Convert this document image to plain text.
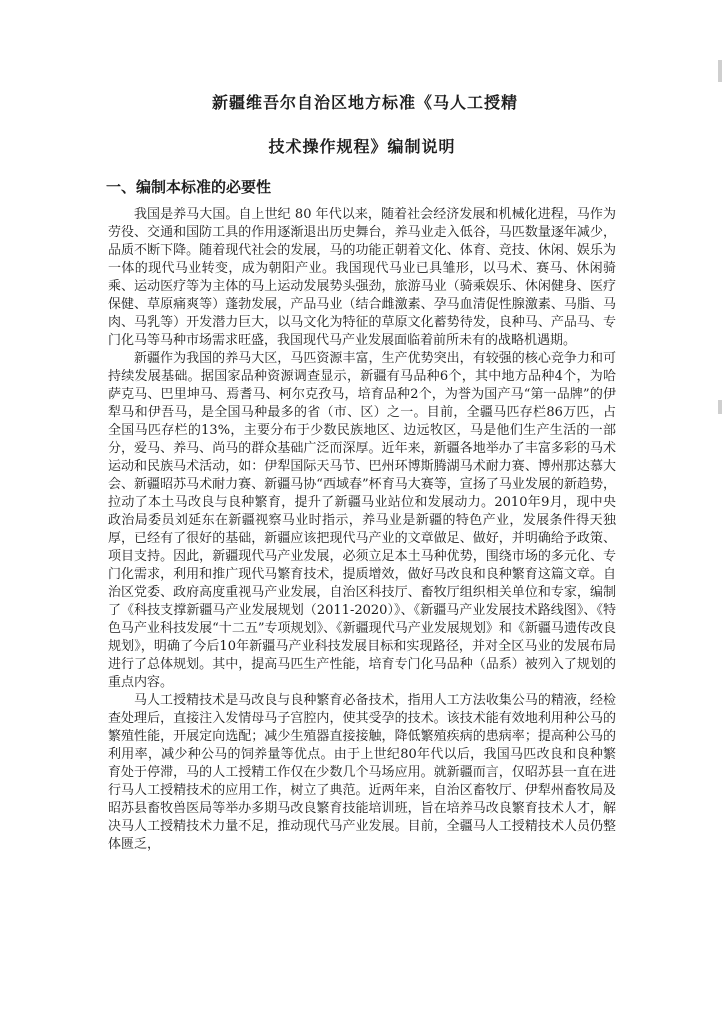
新疆维吾尔自治区地方标准《马人工授精
技术操作规程》编制说明
一、编制本标准的必要性

我国是养马大国。自上世纪 80 年代以来，随着社会经济发展和机械化进程，马作为劳役、交通和国防工具的作用逐渐退出历史舞台，养马业走入低谷，马匹数量逐年减少，品质不断下降。随着现代社会的发展，马的功能正朝着文化、体育、竞技、休闲、娱乐为一体的现代马业转变，成为朝阳产业。我国现代马业已具雏形，以马术、赛马、休闲骑乘、运动医疗等为主体的马上运动发展势头强劲，旅游马业（骑乘娱乐、休闲健身、医疗保健、草原痛爽等）蓬勃发展，产品马业（结合雌激素、孕马血清促性腺激素、马脂、马肉、马乳等）开发潜力巨大，以马文化为特征的草原文化蓄势待发，良种马、产品马、专门化马等马种市场需求旺盛，我国现代马产业发展面临着前所未有的战略机遇期。

新疆作为我国的养马大区，马匹资源丰富，生产优势突出，有较强的核心竞争力和可持续发展基础。据国家品种资源调查显示，新疆有马品种6个，其中地方品种4个，为哈萨克马、巴里坤马、焉耆马、柯尔克孜马，培育品种2个，为誉为国产马“第一品牌”的伊犁马和伊吾马，是全国马种最多的省（市、区）之一。目前，全疆马匹存栏86万匹，占全国马匹存栏的13%，主要分布于少数民族地区、边远牧区，马是他们生产生活的一部分，爱马、养马、尚马的群众基础广泛而深厚。近年来，新疆各地举办了丰富多彩的马术运动和民族马术活动，如：伊犁国际天马节、巴州环博斯腾湖马术耐力赛、博州那达慕大会、新疆昭苏马术耐力赛、新疆马协“西域春”杯育马大赛等，宣扬了马业发展的新趋势，拉动了本土马改良与良种繁育，提升了新疆马业站位和发展动力。2010年9月，现中央政治局委员刘延东在新疆视察马业时指示，养马业是新疆的特色产业，发展条件得天独厚，已经有了很好的基础，新疆应该把现代马产业的文章做足、做好，并明确给予政策、项目支持。因此，新疆现代马产业发展，必须立足本土马种优势，围绕市场的多元化、专门化需求，利用和推广现代马繁育技术，提质增效，做好马改良和良种繁育这篇文章。自治区党委、政府高度重视马产业发展，自治区科技厅、畜牧厅组织相关单位和专家，编制了《科技支撑新疆马产业发展规划（2011-2020）》、《新疆马产业发展技术路线图》、《特色马产业科技发展“十二五”专项规划》、《新疆现代马产业发展规划》和《新疆马遗传改良规划》，明确了今后10年新疆马产业科技发展目标和实现路径，并对全区马业的发展布局进行了总体规划。其中，提高马匹生产性能，培育专门化马品种（品系）被列入了规划的重点内容。

马人工授精技术是马改良与良种繁育必备技术，指用人工方法收集公马的精液，经检查处理后，直接注入发情母马子宫腔内，使其受孕的技术。该技术能有效地利用种公马的繁殖性能，开展定向选配；减少生殖器直接接触，降低繁殖疾病的患病率；提高种公马的利用率，减少种公马的饲养量等优点。由于上世纪80年代以后，我国马匹改良和良种繁育处于停滞，马的人工授精工作仅在少数几个马场应用。就新疆而言，仅昭苏县一直在进行马人工授精技术的应用工作，树立了典范。近两年来，自治区畜牧厅、伊犁州畜牧局及昭苏县畜牧兽医局等举办多期马改良繁育技能培训班，旨在培养马改良繁育技术人才，解决马人工授精技术力量不足，推动现代马产业发展。目前，全疆马人工授精技术人员仍整体匮乏，
